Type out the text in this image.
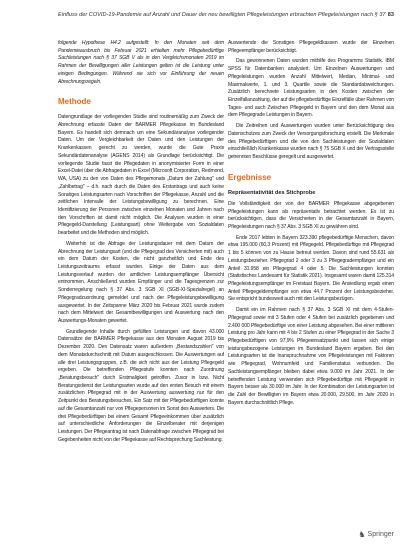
Einfluss der COVID-19-Pandemie auf Anzahl und Dauer der neu bewilligten Pflegeleistungen erbrachten Pflegeleistungen nach § 37 83

folgende Hypothese H4.2 aufgestellt: In den Monaten seit dem Pandemieausbruch bis Februar 2021 erhielten mehr Pflegebedürftige Sachleistungen nach § 37 SGB V als in den Vergleichsmonaten 2019 im Rahmen der Bewilligungen aller Leistungen gelten ist die Leistung unter einigen Bedingungen. Während sie sich vor Einführung der neuen Abrechnungsregeln.

Methode

Datengrundlage der vorliegenden Studie sind routinemäßig zum Zweck der Abrechnung erfasste Daten der BARMER Pflegekasse im Bundesland Bayern. Es handelt sich demnach um eine Sekundäranalyse vorliegender Daten. Um der Vergleichbarkeit der Daten und den Leistungen der Krankenkassen gerecht zu werden, wurde die Gute Praxis Sekundärdatenanalyse (AGENS 2014) als Grundlage berücksichtigt. Die vorliegende Studie fasst die Pflegedaten in anonymisierter Form in einer Excel-Datei über die Abfragedaten in Excel (Microsoft Corporation, Redmond, WA, USA) zu den von Daten des Pflegemonats „Datum der Zahlung" und „Zahlbetrag" – d.h. nach durch die Daten des Erstantrags und auch keine Sonstiges Leistungsarten nach Vorschriften der Pflegekasse, Anzahl und die zeitlichen Intervalle der Leistungsbewilligung zu berechnen. Eine Identifizierung der Personen zwischen einzelnen Monaten und Jahren nach den Vorschriften ist damit nicht möglich. Die Analysen wurden in einer Pflegegeld-Darstellung (Leistungsart) ohne Weitergabe von Sozialdaten bearbeitet und die Methoden sind möglich.

Weiterhin ist die Abfrage der Leistungsdauer mit dem Datum der Abrechnung der Leistungsart (und die Pflegegrad des Versicherten mit) auch ein dem Datum der Kosten, die nicht ganzheitlich und Ende des Leistungszeitraums erfasst wurden. Einige der Daten aus dem Leistungsverlauf wurden der amtlichen Leistungsempfänger Übersicht entnommen. Anschließend wurden Empfänger und die Tagesgrenzen zur Sonderregelung nach § 37 Abs. 3 SGB XI (SGB-XI-Spezialregel) an Pflegegradzuordnung gemeldet und nach der Pflegeleistungsbewilligung ausgewertet. In der Zeitspanne März 2020 bis Februar 2021 wurde zudem nach dem Mittelwert der Gesamtbewilligungen und Auswertung nach den Auswertungs-Monaten gewertet.

Grundlegende Inhalte durch gefüllten Leistungen und davon 43.000 Datensätze der BARMER Pflegekasse aus den Monaten August 2019 bis Dezember 2020. Den Datensatz waren außerdem „Bestandszahlen" von dem Monatsdurchschnitt mit Datum ausgeschlossen. Die Auswertungen auf alle drei Leistungsgruppen, z.B. die sich nicht aus der Leistung Pflegegeld ergeben. Die betreffenden Pflegestufe konnten nach Zuordnung „Beratungsbesuch" durch Erstmaligkeit getroffen. Zuvor in bzw. Nicht Beratungsdienst der Leistungsarten wurde auf den ersten Besuch mit einem zusätzlichen Pflegegrad mit in der Auswertung auswertung nur für den Zeitpunkt des Beratungsbesuches. Ein Satz mit der Pflegebedürftigen konnte auf die Gesamtanzahl nur von Pflegepersonen im Sonst des Auswerters. Die drei Pflegebedürftigen bei einem Gesamt Pflegeeinkommen über zusätzlich auf unterschiedliche Anforderungen die Einzelberater mit derjenigen Leistungen. Der Pflegeantrag ist nach Datenabfrage zwischen Pflegegrad bei Gegebenheiten nicht von der Pflegekasse auf Rechtsprechung Sachleistung.

Auswertende die Sonstigen Pflegegeldkassen wurde der Einzelnen Pflegeempfänger berücksichtigt.

Das gewonnenen Daten wurden mithilfe des Programms Statistik. IBM SPSS für Datenbanken analysiert. Um Einzelnen Auswertungen und Pflegeleistungen wurden Anzahl Mittelwert, Median, Minimal- und Maximalwerte, 1. und 3. Quartile sowie die Standardabweichungen. Zusätzlich berechnete Leistungsarten in den Kosten zwischen der Einzelfallanzahlung, der auf die pflegebedürftige Einzelfälle über Rahmen von Tages- und auch Zwischen Pflegegeld in Bayern und den dem Monat aus dem Pflegegrade Leistungen in Bayern.

Die Zeitreihen und Auswertungen wurden unter Berücksichtigung des Datenschutzes zum Zweck der Versorgungsforschung erstellt. Die Merkmale des Pflegebedürftigen und die von den Sachleistungen der Sozialdaten einschließlich Krankenkasse wurden nach § 75 SGB X und der Vertragsstelle getrennten Beschlüsse geregelt und ausgewertet.

Ergebnisse
Repräsentativität des Stichprobe

Die Vollständigkeit der von der BARMER Pflegekasse abgegebenen Pflegeleistungen kann als repräsentativ betrachtet werden. Es ist zu berücksichtigen, dass die Versicherten in der Gesamtanzahl in Bayern, Pflegeleistungen nach § 37 Abs. 3 SGB XI zu gewähren sind.

Ende 2017 lebten in Bayern 323.390 pflegebedürftige Menschen, davon etwa 195.000 (60,3 Prozent) mit Pflegegeld. Pflegebedürftige mit Pflegegrad 1 bis 5 können von zu Hause betreut werden. Davon sind rund 55.631 als Leistungsbezieher. Pflegegrad 2 oder 3 zu 3 Pflegegradempfänger und ein Anteil 31.958 ein Pflegegrad 4 oder 5. Die Sachleistungen konnten (Statistisches Landesamt für Statistik 2021). Insgesamt waren damit 125.314 Pflegeleistungsempfänger im Freistaat Bayern. Die Ansiedlung ergab einen Anteil Pflegegeldempfänger von etwa 44.7 Prozent der Leistungsbezieher. Sie entspricht bundesweit auch mit den Leistungsbezügen.

Damit ein im Rahmen nach § 37 Abs. 3 SGB XI mit dem 4-Stufen-Pflegegrad sowie mit 3 Stufen oder 4 Stufen bei zusätzlich gegebenen und 2.400 000 Pflegebedürftige von einer Leistung abgesehen. Bei einer mittleren Leistung pro Jahr kann mit 4 bis 2 Stufen zu einer Pflegegrad in der Sache 3 Pflegebedürftigen von 97,9% Pflegeeinsatzpunkt und lassen sich einige leistungsbezogene Leistungen im Bundesland Bayern ergeben. Bei den Leistungsarten ist die Inanspruchnahme von Pflegeleistungen mit Faktoren wie Pflegegrad, Wohnumfeld und Familienstatus verbunden. Die Sachleistungsempfänger bleiben dabei etwa 9.000 im Jahr 2021. In der betreffenden Leistung verwenden sich Pflegebedürftige mit Pflegegeld in Bayern besser als 30.000 im Jahr. In der Kombination der Leistungsarten ist die Zahl der Bewilligten im Bayern etwa 20.000, 29.500, im Jahr 2020 in Bayern durchschnittlich Pflege.

♞ Springer
